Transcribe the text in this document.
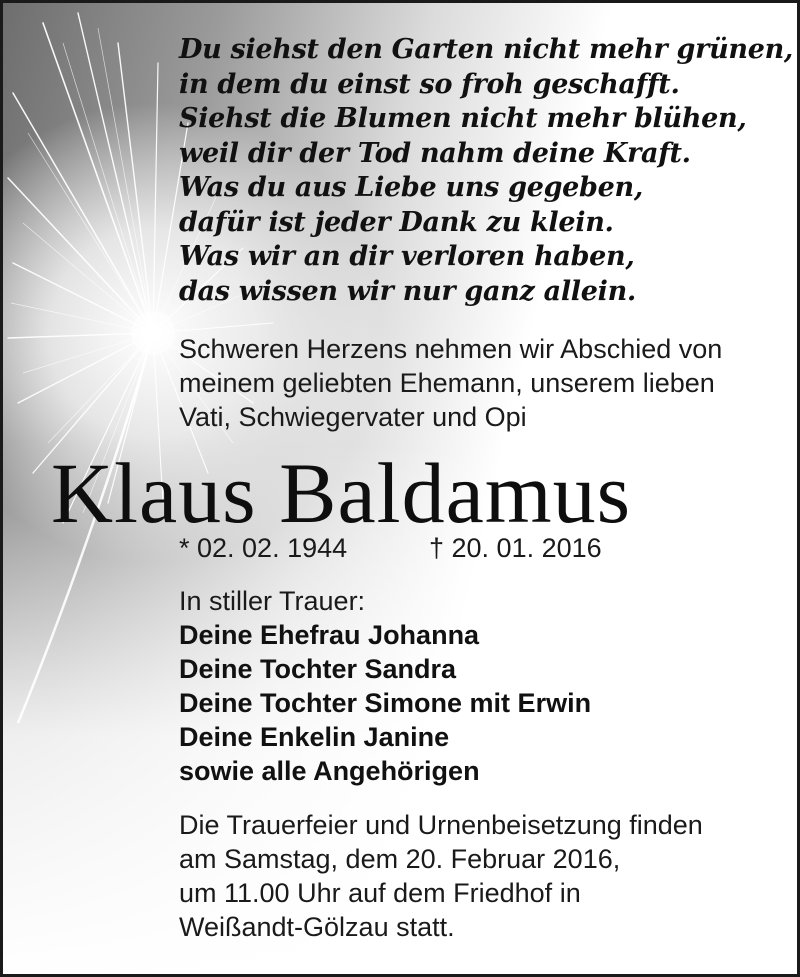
Du siehst den Garten nicht mehr grünen,
in dem du einst so froh geschafft.
Siehst die Blumen nicht mehr blühen,
weil dir der Tod nahm deine Kraft.
Was du aus Liebe uns gegeben,
dafür ist jeder Dank zu klein.
Was wir an dir verloren haben,
das wissen wir nur ganz allein.
Schweren Herzens nehmen wir Abschied von
meinem geliebten Ehemann, unserem lieben
Vati, Schwiegervater und Opi
Klaus Baldamus
* 02. 02. 1944	† 20. 01. 2016
In stiller Trauer:
Deine Ehefrau Johanna
Deine Tochter Sandra
Deine Tochter Simone mit Erwin
Deine Enkelin Janine
sowie alle Angehörigen
Die Trauerfeier und Urnenbeisetzung finden
am Samstag, dem 20. Februar 2016,
um 11.00 Uhr auf dem Friedhof in
Weißandt-Gölzau statt.
